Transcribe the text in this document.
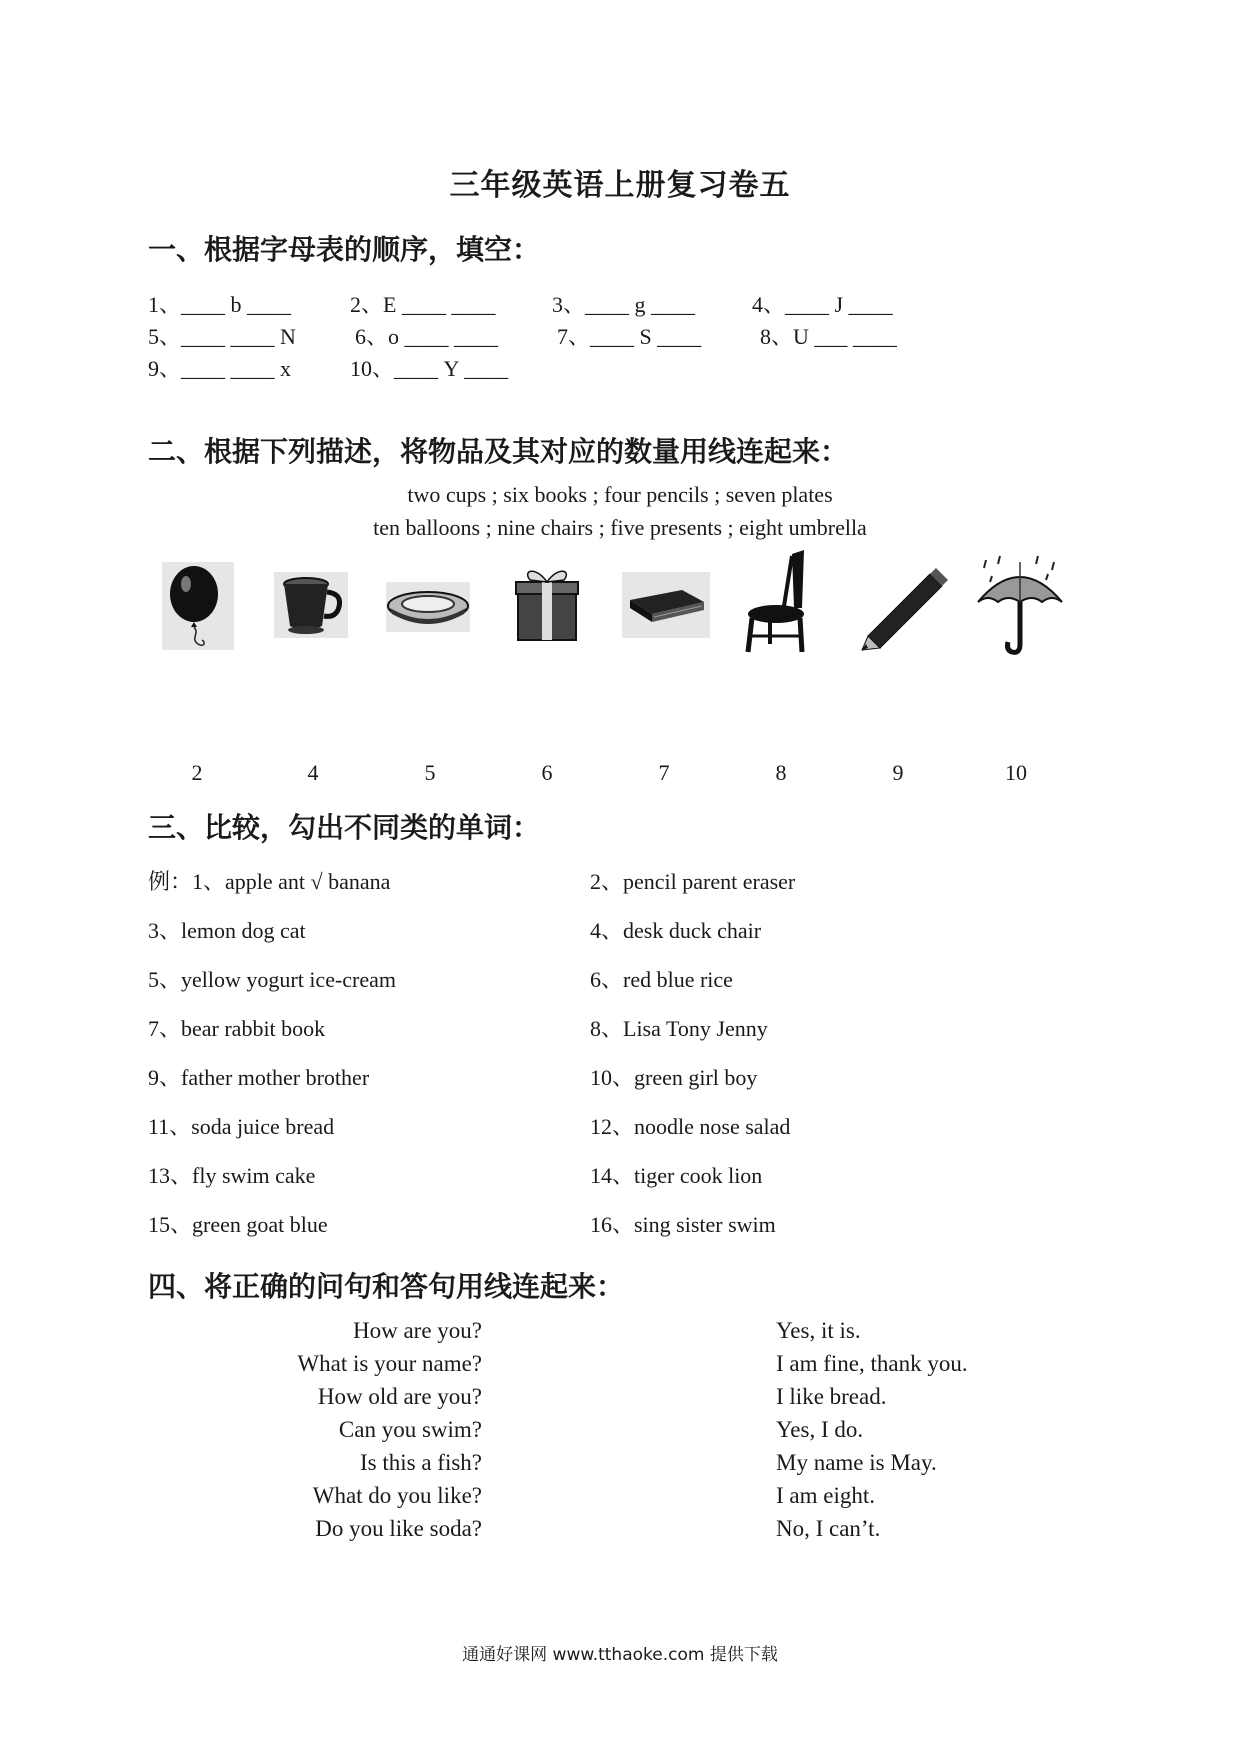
三年级英语上册复习卷五
一、根据字母表的顺序，填空：
1、____ b ____	2、E ____ ____	3、____ g ____	4、____ J ____
5、____ ____ N	6、o ____ ____	7、____ S ____	8、U ___ ____
9、____ ____ x	10、____ Y ____
二、根据下列描述，将物品及其对应的数量用线连起来：
two cups ; six books ; four pencils ; seven plates
ten balloons ; nine chairs ; five presents ; eight umbrella
2	4	5	6	7	8	9	10
三、比较，勾出不同类的单词：
例：1、apple ant √ banana
3、lemon dog cat
5、yellow yogurt ice-cream
7、bear rabbit book
9、father mother brother
11、soda juice bread
13、fly swim cake
15、green goat blue
2、pencil parent eraser
4、desk duck chair
6、red blue rice
8、Lisa Tony Jenny
10、green girl boy
12、noodle nose salad
14、tiger cook lion
16、sing sister swim
四、将正确的问句和答句用线连起来：
How are you?
What is your name?
How old are you?
Can you swim?
Is this a fish?
What do you like?
Do you like soda?
Yes, it is.
I am fine, thank you.
I like bread.
Yes, I do.
My name is May.
I am eight.
No, I can’t.
通通好课网 www.tthaoke.com 提供下载
